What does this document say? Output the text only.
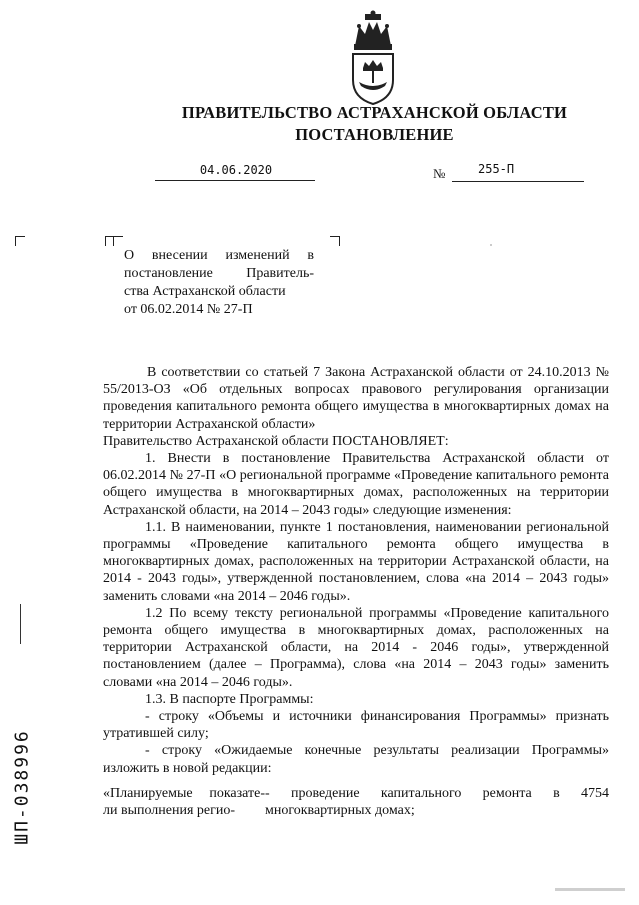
ПРАВИТЕЛЬСТВО АСТРАХАНСКОЙ ОБЛАСТИ
ПОСТАНОВЛЕНИЕ
04.06.2020	№	255-П
О внесении изменений в
постановление Правитель-
ства Астраханской области
от 06.02.2014 № 27-П

В соответствии со статьей 7 Закона Астраханской области от 24.10.2013 № 55/2013-ОЗ «Об отдельных вопросах правового регулирования организации проведения капитального ремонта общего имущества в многоквартирных домах на территории Астраханской области»

Правительство Астраханской области ПОСТАНОВЛЯЕТ:

1. Внести в постановление Правительства Астраханской области от 06.02.2014 № 27-П «О региональной программе «Проведение капитального ремонта общего имущества в многоквартирных домах, расположенных на территории Астраханской области, на 2014 – 2043 годы» следующие изменения:

1.1. В наименовании, пункте 1 постановления, наименовании региональной программы «Проведение капитального ремонта общего имущества в многоквартирных домах, расположенных на территории Астраханской области, на 2014 - 2043 годы», утвержденной постановлением, слова «на 2014 – 2043 годы» заменить словами «на 2014 – 2046 годы».

1.2 По всему тексту региональной программы «Проведение капитального ремонта общего имущества в многоквартирных домах, расположенных на территории Астраханской области, на 2014 - 2046 годы», утвержденной постановлением (далее – Программа), слова «на 2014 – 2043 годы» заменить словами «на 2014 – 2046 годы».

1.3. В паспорте Программы:

- строку «Объемы и источники финансирования Программы» признать утратившей силу;

- строку «Ожидаемые конечные результаты реализации Программы» изложить в новой редакции:

«Планируемые показате-ли выполнения регио-
- проведение капитального ремонта в 4754 многоквартирных домах;
ШП-038996
